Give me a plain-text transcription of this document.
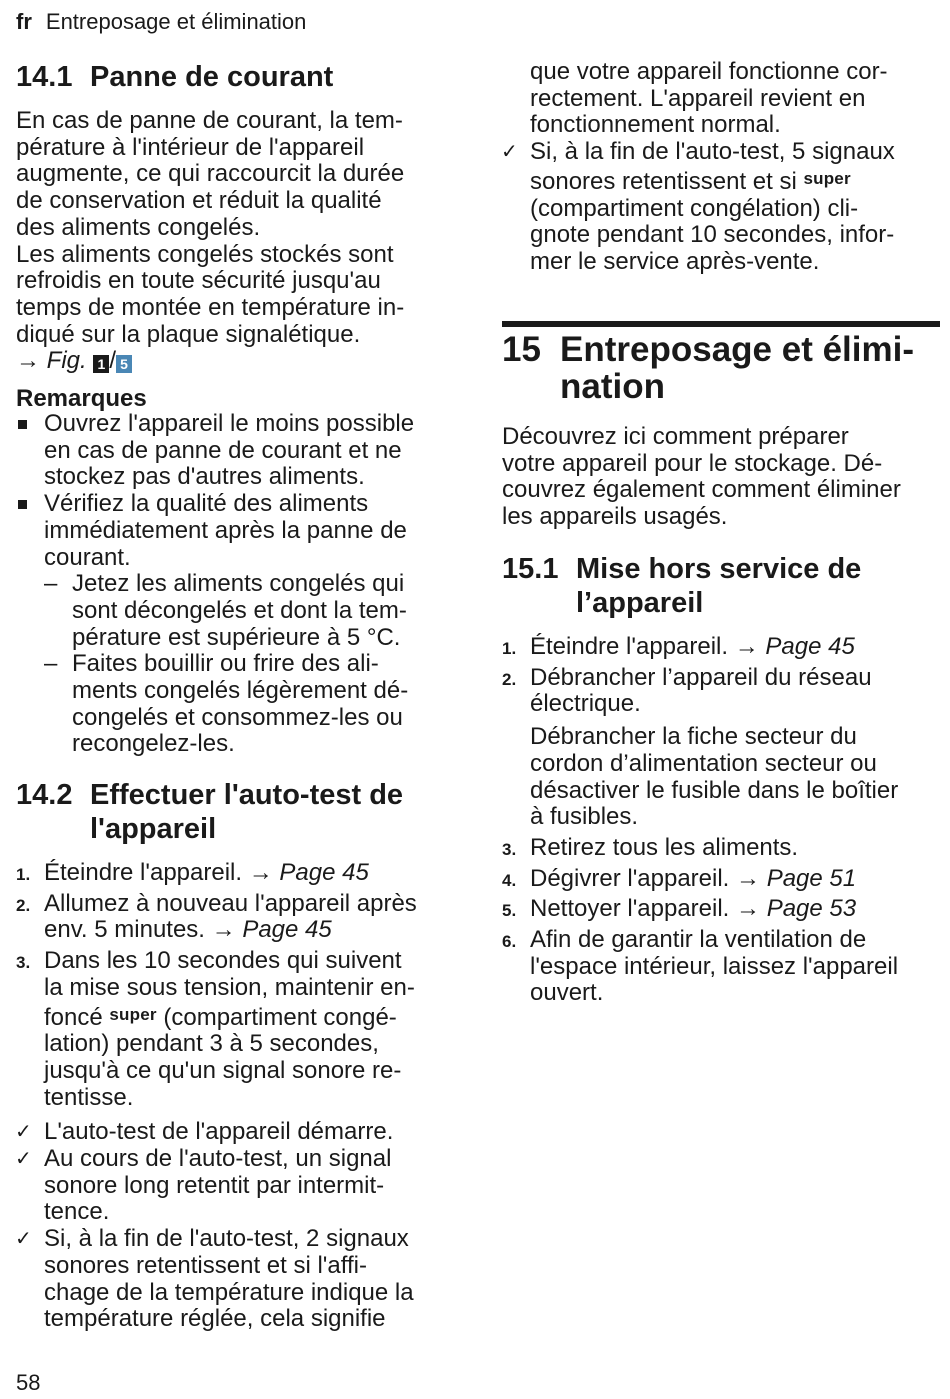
fr Entreposage et élimination
14.1 Panne de courant
En cas de panne de courant, la tem-
pérature à l'intérieur de l'appareil
augmente, ce qui raccourcit la durée
de conservation et réduit la qualité
des aliments congelés.
Les aliments congelés stockés sont
refroidis en toute sécurité jusqu'au
temps de montée en température in-
diqué sur la plaque signalétique.
→ Fig. 1 / 5
Remarques
Ouvrez l'appareil le moins possible
en cas de panne de courant et ne
stockez pas d'autres aliments.
Vérifiez la qualité des aliments
immédiatement après la panne de
courant.
– Jetez les aliments congelés qui
sont décongelés et dont la tem-
pérature est supérieure à 5 °C.
– Faites bouillir ou frire des ali-
ments congelés légèrement dé-
congelés et consommez-les ou
recongelez-les.
14.2 Effectuer l'auto-test de
l'appareil
1. Éteindre l'appareil. → Page 45
2. Allumez à nouveau l'appareil après
env. 5 minutes. → Page 45
3. Dans les 10 secondes qui suivent
la mise sous tension, maintenir en-
foncé $^{super}$ (compartiment congé-
lation) pendant 3 à 5 secondes,
jusqu'à ce qu'un signal sonore re-
tentisse.
✓ L'auto-test de l'appareil démarre.
✓ Au cours de l'auto-test, un signal
sonore long retentit par intermit-
tence.
✓ Si, à la fin de l'auto-test, 2 signaux
sonores retentissent et si l'affi-
chage de la température indique la
température réglée, cela signifie
que votre appareil fonctionne cor-
rectement. L'appareil revient en
fonctionnement normal.
✓ Si, à la fin de l'auto-test, 5 signaux
sonores retentissent et si $^{super}$
(compartiment congélation) cli-
gnote pendant 10 secondes, infor-
mer le service après-vente.
15 Entreposage et élimi-
nation
Découvrez ici comment préparer
votre appareil pour le stockage. Dé-
couvrez également comment éliminer
les appareils usagés.
15.1 Mise hors service de
l’appareil
1. Éteindre l'appareil. → Page 45
2. Débrancher l’appareil du réseau
électrique.
Débrancher la fiche secteur du
cordon d’alimentation secteur ou
désactiver le fusible dans le boîtier
à fusibles.
3. Retirez tous les aliments.
4. Dégivrer l'appareil. → Page 51
5. Nettoyer l'appareil. → Page 53
6. Afin de garantir la ventilation de
l'espace intérieur, laissez l'appareil
ouvert.
58
